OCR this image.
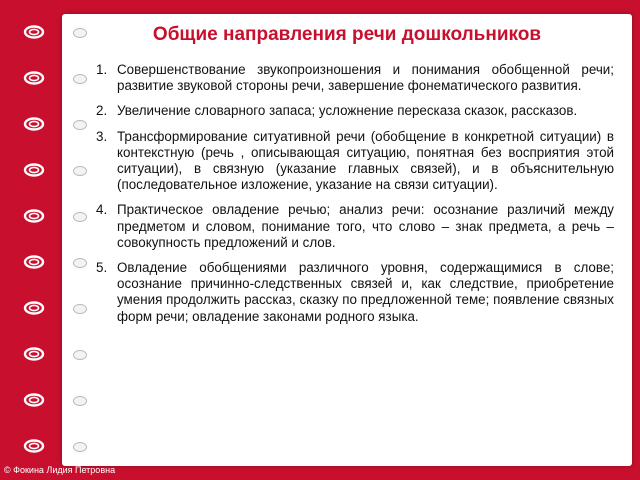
Общие направления речи дошкольников
1. Совершенствование звукопроизношения и понимания обобщенной речи; развитие звуковой стороны речи, завершение фонематического развития.
2. Увеличение словарного запаса; усложнение пересказа сказок, рассказов.
3. Трансформирование ситуативной речи (обобщение в конкретной ситуации) в контекстную (речь , описывающая ситуацию, понятная без восприятия этой ситуации), в связную (указание главных связей), и в объяснительную (последовательное изложение, указание на связи ситуации).
4. Практическое овладение речью; анализ речи: осознание различий между предметом и словом, понимание того, что слово – знак предмета, а речь – совокупность предложений и слов.
5. Овладение обобщениями различного уровня, содержащимися в слове; осознание причинно-следственных связей и, как следствие, приобретение умения продолжить рассказ, сказку по предложенной теме; появление связных форм речи; овладение законами родного языка.
© Фокина Лидия Петровна
